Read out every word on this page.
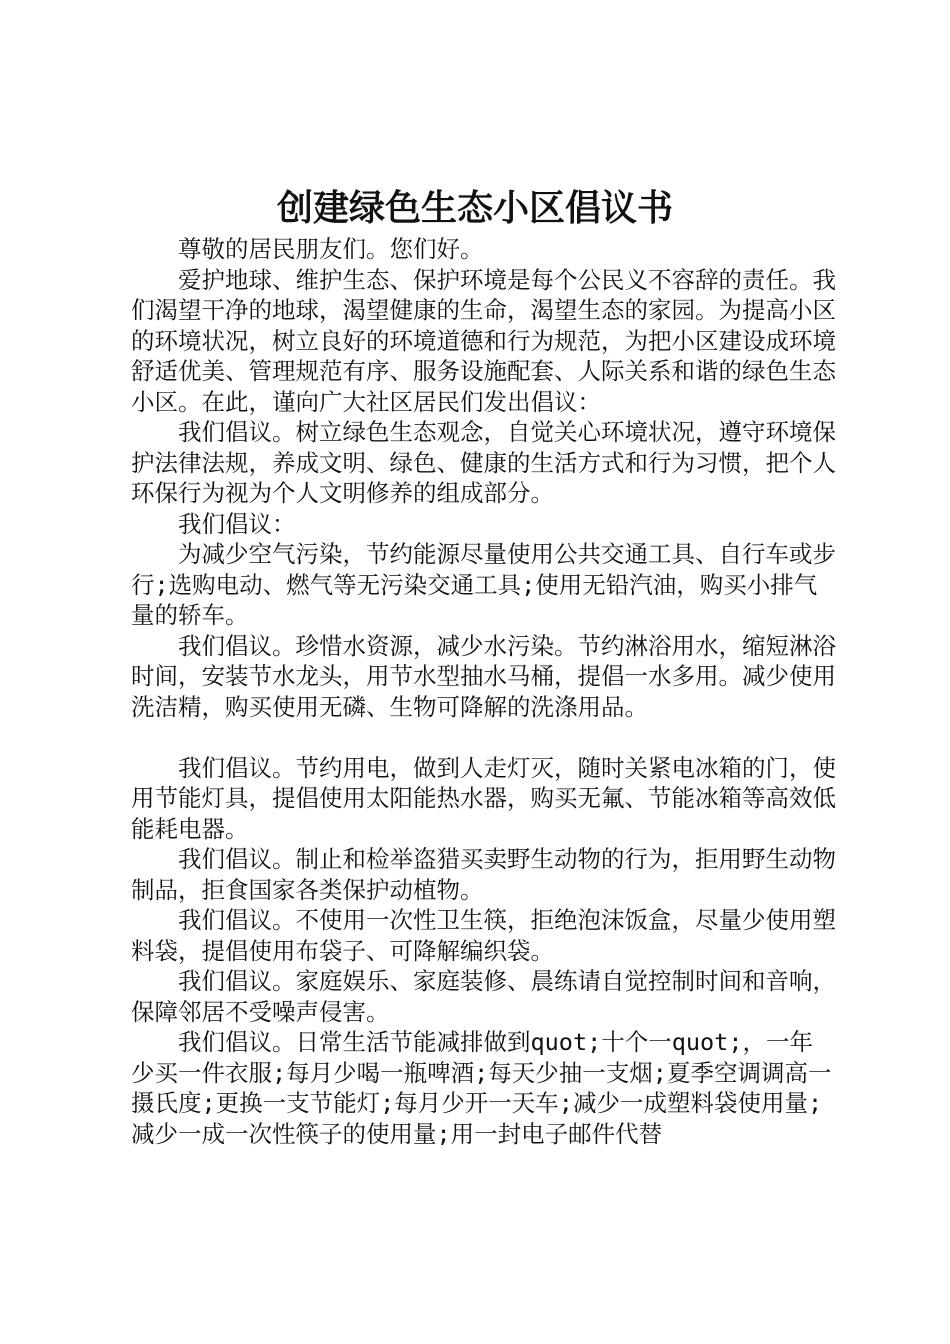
创建绿色生态小区倡议书

尊敬的居民朋友们。您们好。

爱护地球、维护生态、保护环境是每个公民义不容辞的责任。我们渴望干净的地球，渴望健康的生命，渴望生态的家园。为提高小区的环境状况，树立良好的环境道德和行为规范，为把小区建设成环境舒适优美、管理规范有序、服务设施配套、人际关系和谐的绿色生态小区。在此，谨向广大社区居民们发出倡议：

我们倡议。树立绿色生态观念，自觉关心环境状况，遵守环境保护法律法规，养成文明、绿色、健康的生活方式和行为习惯，把个人环保行为视为个人文明修养的组成部分。

我们倡议：

为减少空气污染，节约能源尽量使用公共交通工具、自行车或步行;选购电动、燃气等无污染交通工具;使用无铅汽油，购买小排气量的轿车。

我们倡议。珍惜水资源，减少水污染。节约淋浴用水，缩短淋浴时间，安装节水龙头，用节水型抽水马桶，提倡一水多用。减少使用洗洁精，购买使用无磷、生物可降解的洗涤用品。

我们倡议。节约用电，做到人走灯灭，随时关紧电冰箱的门，使用节能灯具，提倡使用太阳能热水器，购买无氟、节能冰箱等高效低能耗电器。

我们倡议。制止和检举盗猎买卖野生动物的行为，拒用野生动物制品，拒食国家各类保护动植物。

我们倡议。不使用一次性卫生筷，拒绝泡沫饭盒，尽量少使用塑料袋，提倡使用布袋子、可降解编织袋。

我们倡议。家庭娱乐、家庭装修、晨练请自觉控制时间和音响，保障邻居不受噪声侵害。

我们倡议。日常生活节能减排做到quot;十个一quot;，一年少买一件衣服;每月少喝一瓶啤酒;每天少抽一支烟;夏季空调调高一摄氏度;更换一支节能灯;每月少开一天车;减少一成塑料袋使用量;减少一成一次性筷子的使用量;用一封电子邮件代替
